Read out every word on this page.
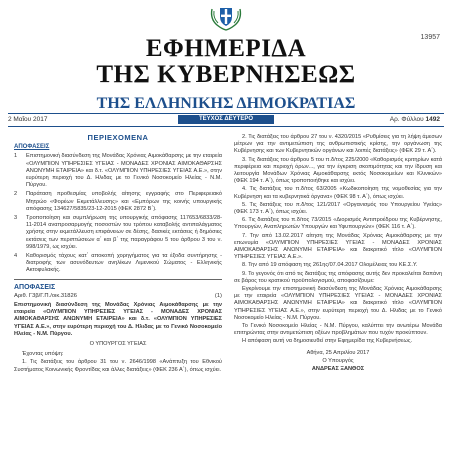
13957
ΕΦΗΜΕΡΙΔΑ
ΤΗΣ ΚΥΒΕΡΝΗΣΕΩΣ
ΤΗΣ ΕΛΛΗΝΙΚΗΣ ΔΗΜΟΚΡΑΤΙΑΣ
2 Μαΐου 2017	ΤΕΥΧΟΣ ΔΕΥΤΕΡΟ	Αρ. Φύλλου 1492
ΠΕΡΙΕΧΟΜΕΝΑ
ΑΠΟΦΑΣΕΙΣ
1	Επιστημονική διασύνδεση της Μονάδας Χρόνιας Αιμοκάθαρσης με την εταιρεία «ΟΛΥΜΠΙΟΝ ΥΠΗΡΕΣΙΕΣ ΥΓΕΙΑΣ - ΜΟΝΑΔΕΣ ΧΡΟΝΙΑΣ ΑΙΜΟΚΑΘΑΡΣΗΣ ΑΝΩΝΥΜΗ ΕΤΑΙΡΕΙΑ» και δ.τ. «ΟΛΥΜΠΙΟΝ ΥΠΗΡΕΣΙΕΣ ΥΓΕΙΑΣ Α.Ε.», στην ευρύτερη περιοχή του Δ. Ηλιδας με το Γενικό Νοσοκομείο Ηλείας - Ν.Μ. Πύργου.
2	Παράταση προθεσμίας υποβολής αίτησης εγγραφής στο Περιφερειακό Μητρώο «Φορέων Εκμετάλλευσης» και «Εμπόρων της κοινής υπουργικής απόφασης 134627/5835/23-12-2015 (ΦΕΚ 2872 Β΄).
3	Τροποποίηση και συμπλήρωση της υπουργικής απόφασης 117653/6833/28-11-2014 αναπροσαρμογής ποσοστών του τρόπου καταβολής αντιπαλάγματος χρήσης στην εκμετάλλευση επιφάνειων σε δέσης, δασικές εκτάσεις ή δημόσιες εκτάσεις των περιπτώσεων α΄ και β΄ της παραγράφου 5 του άρθρου 3 του ν. 998/1979, ως ισχύει.
4	Καθορισμός τάχους κατ΄ αποκοπή χορηγήματος για τα έξοδα συντήρησης - διατροφής των ασυνόδευτων ανηλίκων Λιμενικού Σώματος - Ελληνικής Ακτοφυλακής.
ΑΠΟΦΑΣΕΙΣ
Αριθ. Γ3β/Γ.Π./οικ.31826	(1)
Επιστημονική διασύνδεση της Μονάδας Χρόνιας Αιμοκάθαρσης με την εταιρεία «ΟΛΥΜΠΙΟΝ ΥΠΗΡΕΣΙΕΣ ΥΓΕΙΑΣ - ΜΟΝΑΔΕΣ ΧΡΟΝΙΑΣ ΑΙΜΟΚΑΘΑΡΣΗΣ ΑΝΩΝΥΜΗ ΕΤΑΙΡΕΙΑ» και δ.τ. «ΟΛΥΜΠΙΟΝ ΥΠΗΡΕΣΙΕΣ ΥΓΕΙΑΣ Α.Ε.», στην ευρύτερη περιοχή του Δ. Ηλιδας με το Γενικό Νοσοκομείο Ηλείας - Ν.Μ. Πύργου.
Ο ΥΠΟΥΡΓΟΣ ΥΓΕΙΑΣ
Έχοντας υπόψη:
1. Τις διατάξεις του άρθρου 31 του ν. 2646/1998 «Ανάπτυξη του Εθνικού Συστήματος Κοινωνικής Φροντίδας και άλλες διατάξεις» (ΦΕΚ 236 Α΄), όπως ισχύει.
2. Τις διατάξεις του άρθρου 27 του ν. 4320/2015 «Ρυθμίσεις για τη λήψη άμεσων μέτρων για την αντιμετώπιση της ανθρωπιστικής κρίσης, την οργάνωση της Κυβέρνησης και των Κυβερνητικών οργάνων και λοιπές διατάξεις» (ΦΕΚ 29 τ. Α΄).
3. Τις διατάξεις του άρθρου 5 του π.δ/τος 225/2000 «Καθορισμός κριτηρίων κατά περιφέρεια και περιοχή όρων..., για την έγκριση σκοπιμότητας και την ίδρυση και λειτουργία Μονάδων Χρόνιας Αιμοκάθαρσης εκτός Νοσοκομείων και Κλινικών» (ΦΕΚ 194 τ. Α΄), όπως τροποποιήθηκε και ισχύει.
4. Τις διατάξεις του π.δ/τος 63/2005 «Κωδικοποίηση της νομοθεσίας για την Κυβέρνηση και τα κυβερνητικά όργανα» (ΦΕΚ 98 τ. Α΄), όπως ισχύει.
5. Τις διατάξεις του π.δ/τος 121/2017 «Οργανισμός του Υπουργείου Υγείας» (ΦΕΚ 173 τ. Α΄), όπως ισχύει.
6. Τις διατάξεις του π.δ/τος 73/2015 «Διορισμός Αντιπροέδρου της Κυβέρνησης, Υπουργών, Αναπληρωτών Υπουργών και Υφυπουργών» (ΦΕΚ 116 τ. Α΄).
7. Την από 13.02.2017 αίτηση της Μονάδας Χρόνιας Αιμοκάθαρσης με την επωνυμία «ΟΛΥΜΠΙΟΝ ΥΠΗΡΕΣΙΕΣ ΥΓΕΙΑΣ - ΜΟΝΑΔΕΣ ΧΡΟΝΙΑΣ ΑΙΜΟΚΑΘΑΡΣΗΣ ΑΝΩΝΥΜΗ ΕΤΑΙΡΕΙΑ» και διακριτικό τίτλο «ΟΛΥΜΠΙΟΝ ΥΠΗΡΕΣΙΕΣ ΥΓΕΙΑΣ Α.Ε.».
8. Την από 19 απόφαση της 261ης/07.04.2017 Ολομέλειας του ΚΕ.Σ.Υ.
9. Το γεγονός ότι από τις διατάξεις της απόφασης αυτής δεν προκαλείται δαπάνη σε βάρος του κρατικού προϋπολογισμού, αποφασίζουμε:
Εγκρίνουμε την επιστημονική διασύνδεση της Μονάδας Χρόνιας Αιμοκάθαρσης με την εταιρεία «ΟΛΥΜΠΙΟΝ ΥΠΗΡΕΣΙΕΣ ΥΓΕΙΑΣ - ΜΟΝΑΔΕΣ ΧΡΟΝΙΑΣ ΑΙΜΟΚΑΘΑΡΣΗΣ ΑΝΩΝΥΜΗ ΕΤΑΙΡΕΙΑ» και διακριτικό τίτλο «ΟΛΥΜΠΙΟΝ ΥΠΗΡΕΣΙΕΣ ΥΓΕΙΑΣ Α.Ε.», στην ευρύτερη περιοχή του Δ. Ηλιδας με το Γενικό Νοσοκομείο Ηλείας - Ν.Μ. Πύργου.
Το Γενικό Νοσοκομείο Ηλείας - Ν.Μ. Πύργου, καλύπτει την ανωτέρω Μονάδα επιτηρώντας στην αντιμετώπιση οξέων προβλημάτων που τυχόν προκύπτουν.
Η απόφαση αυτή να δημοσιευθεί στην Εφημερίδα της Κυβερνήσεως.
Αθήνα, 25 Απριλίου 2017
Ο Υπουργός
ΑΝΔΡΕΑΣ ΞΑΝΘΟΣ
